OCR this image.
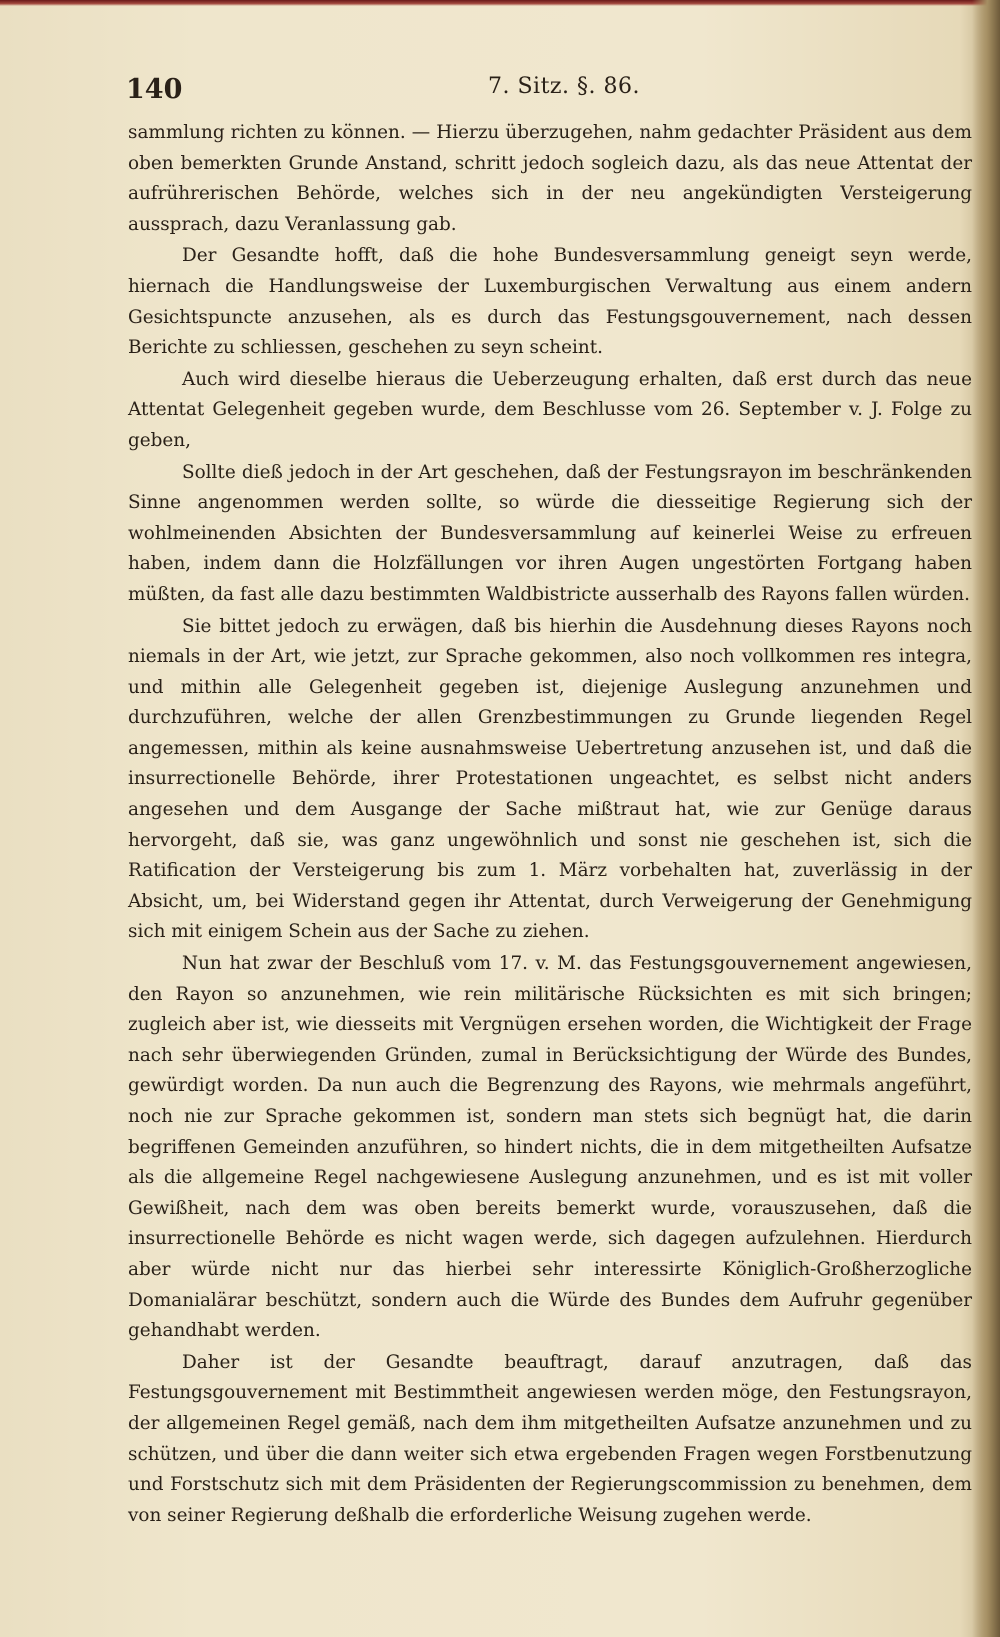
140	7. Sitz. §. 86.

sammlung richten zu können. — Hierzu überzugehen, nahm gedachter Präsident aus dem oben bemerkten Grunde Anstand, schritt jedoch sogleich dazu, als das neue Attentat der aufrührerischen Behörde, welches sich in der neu angekündigten Versteigerung aussprach, dazu Veranlassung gab.

Der Gesandte hofft, daß die hohe Bundesversammlung geneigt seyn werde, hiernach die Handlungsweise der Luxemburgischen Verwaltung aus einem andern Gesichtspuncte anzusehen, als es durch das Festungsgouvernement, nach dessen Berichte zu schliessen, geschehen zu seyn scheint.

Auch wird dieselbe hieraus die Ueberzeugung erhalten, daß erst durch das neue Attentat Gelegenheit gegeben wurde, dem Beschlusse vom 26. September v. J. Folge zu geben,

Sollte dieß jedoch in der Art geschehen, daß der Festungsrayon im beschränkenden Sinne angenommen werden sollte, so würde die diesseitige Regierung sich der wohlmeinenden Absichten der Bundesversammlung auf keinerlei Weise zu erfreuen haben, indem dann die Holzfällungen vor ihren Augen ungestörten Fortgang haben müßten, da fast alle dazu bestimmten Waldbistricte ausserhalb des Rayons fallen würden.

Sie bittet jedoch zu erwägen, daß bis hierhin die Ausdehnung dieses Rayons noch niemals in der Art, wie jetzt, zur Sprache gekommen, also noch vollkommen res integra, und mithin alle Gelegenheit gegeben ist, diejenige Auslegung anzunehmen und durchzuführen, welche der allen Grenzbestimmungen zu Grunde liegenden Regel angemessen, mithin als keine ausnahmsweise Uebertretung anzusehen ist, und daß die insurrectionelle Behörde, ihrer Protestationen ungeachtet, es selbst nicht anders angesehen und dem Ausgange der Sache mißtraut hat, wie zur Genüge daraus hervorgeht, daß sie, was ganz ungewöhnlich und sonst nie geschehen ist, sich die Ratification der Versteigerung bis zum 1. März vorbehalten hat, zuverlässig in der Absicht, um, bei Widerstand gegen ihr Attentat, durch Verweigerung der Genehmigung sich mit einigem Schein aus der Sache zu ziehen.

Nun hat zwar der Beschluß vom 17. v. M. das Festungsgouvernement angewiesen, den Rayon so anzunehmen, wie rein militärische Rücksichten es mit sich bringen; zugleich aber ist, wie diesseits mit Vergnügen ersehen worden, die Wichtigkeit der Frage nach sehr überwiegenden Gründen, zumal in Berücksichtigung der Würde des Bundes, gewürdigt worden. Da nun auch die Begrenzung des Rayons, wie mehrmals angeführt, noch nie zur Sprache gekommen ist, sondern man stets sich begnügt hat, die darin begriffenen Gemeinden anzuführen, so hindert nichts, die in dem mitgetheilten Aufsatze als die allgemeine Regel nachgewiesene Auslegung anzunehmen, und es ist mit voller Gewißheit, nach dem was oben bereits bemerkt wurde, vorauszusehen, daß die insurrectionelle Behörde es nicht wagen werde, sich dagegen aufzulehnen. Hierdurch aber würde nicht nur das hierbei sehr interessirte Königlich-Großherzogliche Domanialärar beschützt, sondern auch die Würde des Bundes dem Aufruhr gegenüber gehandhabt werden.

Daher ist der Gesandte beauftragt, darauf anzutragen, daß das Festungsgouvernement mit Bestimmtheit angewiesen werden möge, den Festungsrayon, der allgemeinen Regel gemäß, nach dem ihm mitgetheilten Aufsatze anzunehmen und zu schützen, und über die dann weiter sich etwa ergebenden Fragen wegen Forstbenutzung und Forstschutz sich mit dem Präsidenten der Regierungscommission zu benehmen, dem von seiner Regierung deßhalb die erforderliche Weisung zugehen werde.
